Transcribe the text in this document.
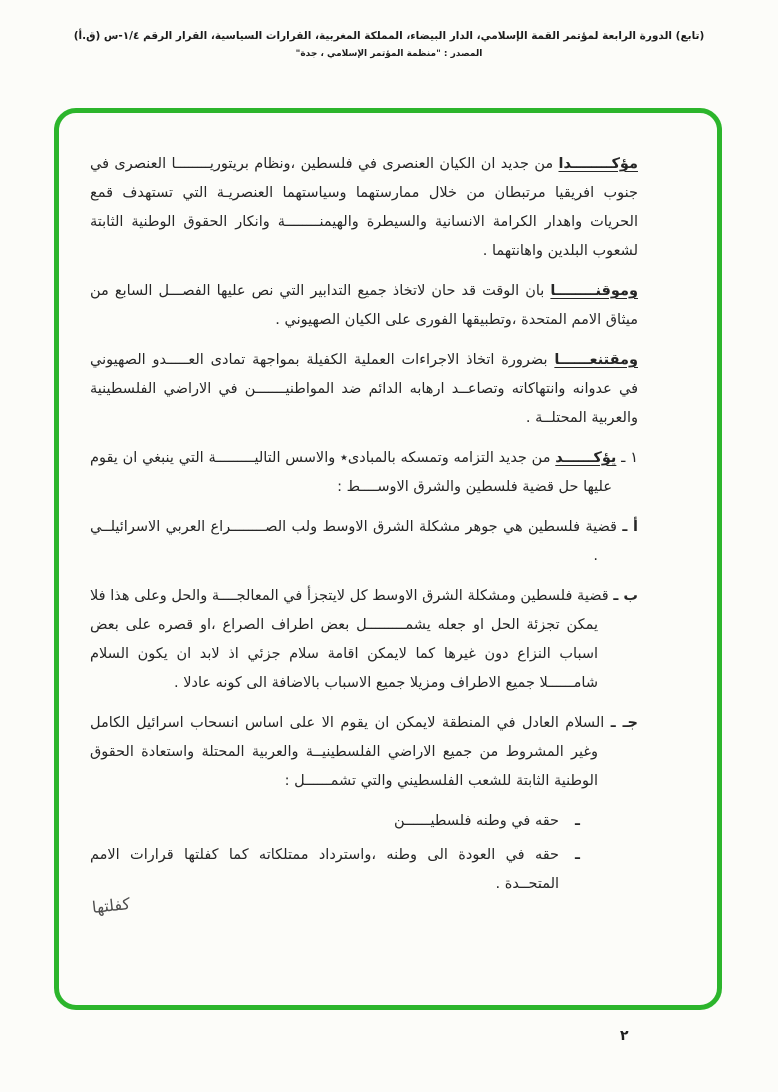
(تابع) الدورة الرابعة لمؤتمر القمة الإسلامي، الدار البيضاء، المملكة المغربية، القرارات السياسية، القرار الرقم ١/٤-س (ق.أ)
المصدر : "منظمة المؤتمر الإسلامي ، جدة"

مؤكــــــــدا من جديد ان الكيان العنصرى في فلسطين ،ونظام بريتوريــــــــا العنصرى في جنوب افريقيا مرتبطان من خلال ممارستهما وسياستهما العنصريـة التي تستهدف قمع الحريات واهدار الكرامة الانسانية والسيطرة والهيمنــــــــة وانكار الحقوق الوطنية الثابتة لشعوب البلدين واهانتهما .

وموقنــــــــا بان الوقت قد حان لاتخاذ جميع التدابير التي نص عليها الفصـــل السابع من ميثاق الامم المتحدة ،وتطبيقها الفورى على الكيان الصهيوني .

ومقتنعــــــا بضرورة اتخاذ الاجراءات العملية الكفيلة بمواجهة تمادى العـــــدو الصهيوني في عدوانه وانتهاكاته وتصاعــد ارهابه الدائم ضد المواطنيـــــــن في الاراضي الفلسطينية والعربية المحتلــة .

١ ـ يؤكــــــد من جديد التزامه وتمسكه بالمبادى٭ والاسس التاليـــــــــة التي ينبغي ان يقوم عليها حل قضية فلسطين والشرق الاوســــط :

أ ـ قضية فلسطين هي جوهر مشكلة الشرق الاوسط ولب الصــــــــراع العربي الاسرائيلــي .

ب ـ قضية فلسطين ومشكلة الشرق الاوسط كل لايتجزأ في المعالجــــة والحل وعلى هذا فلا يمكن تجزئة الحل او جعله يشمـــــــــل بعض اطراف الصراع ،او قصره على بعض اسباب النزاع دون غيرها كما لايمكن اقامة سلام جزئي اذ لابد ان يكون السلام شامــــــلا جميع الاطراف ومزيلا جميع الاسباب بالاضافة الى كونه عادلا .

جـ ـ السلام العادل في المنطقة لايمكن ان يقوم الا على اساس انسحاب اسرائيل الكامل وغير المشروط من جميع الاراضي الفلسطينيــة والعربية المحتلة واستعادة الحقوق الوطنية الثابتة للشعب الفلسطيني والتي تشمــــــل :

ـ
حقه في وطنه فلسطيــــــن
ـ
حقه في العودة الى وطنه ،واسترداد ممتلكاته كما كفلتها قرارات الامم المتحــدة .
كفلتها
٢
